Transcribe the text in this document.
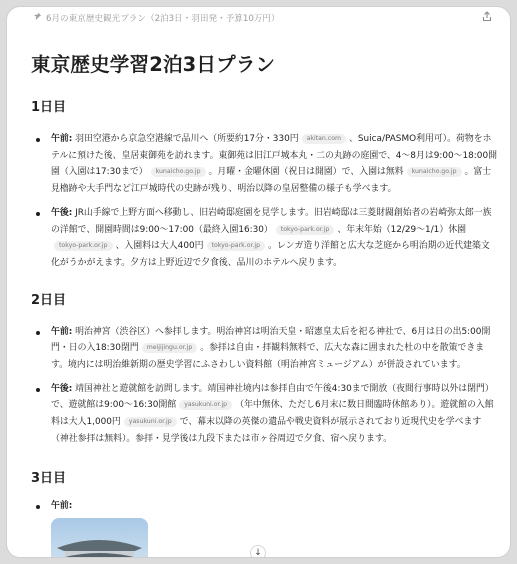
6月の東京歴史観光プラン（2泊3日・羽田発・予算10万円）
東京歴史学習2泊3日プラン
1日目
午前: 羽田空港から京急空港線で品川へ（所要約17分・330円 akitan.com 、Suica/PASMO利用可）。荷物をホテルに預けた後、皇居東御苑を訪れます。東御苑は旧江戸城本丸・二の丸跡の庭園で、4〜8月は9:00〜18:00開園（入園は17:30まで） kunaicho.go.jp 。月曜・金曜休園（祝日は開園）で、入園は無料 kunaicho.go.jp 。富士見櫓跡や大手門など江戸城時代の史跡が残り、明治以降の皇居整備の様子も学べます。
午後: JR山手線で上野方面へ移動し、旧岩崎邸庭園を見学します。旧岩崎邸は三菱財閥創始者の岩崎弥太郎一族の洋館で、開園時間は9:00〜17:00（最終入園16:30） tokyo-park.or.jp 、年末年始（12/29〜1/1）休園tokyo-park.or.jp 、入園料は大人400円 tokyo-park.or.jp 。レンガ造り洋館と広大な芝庭から明治期の近代建築文化がうかがえます。夕方は上野近辺で夕食後、品川のホテルへ戻ります。
2日目
午前: 明治神宮（渋谷区）へ参拝します。明治神宮は明治天皇・昭憲皇太后を祀る神社で、6月は日の出5:00開門・日の入18:30閉門 meijijingu.or.jp 。参拝は自由・拝観料無料で、広大な森に囲まれた杜の中を散策できます。境内には明治維新期の歴史学習にふさわしい資料館（明治神宮ミュージアム）が併設されています。
午後: 靖国神社と遊就館を訪問します。靖国神社境内は参拝自由で午後4:30まで開放（夜間行事時以外は閉門）で、遊就館は9:00〜16:30開館 yasukuni.or.jp （年中無休、ただし6月末に数日間臨時休館あり）。遊就館の入館料は大人1,000円 yasukuni.or.jp で、幕末以降の英傑の遺品や戦史資料が展示されており近現代史を学べます（神社参拝は無料）。参拝・見学後は九段下または市ヶ谷周辺で夕食、宿へ戻ります。
3日目
午前:
↓
